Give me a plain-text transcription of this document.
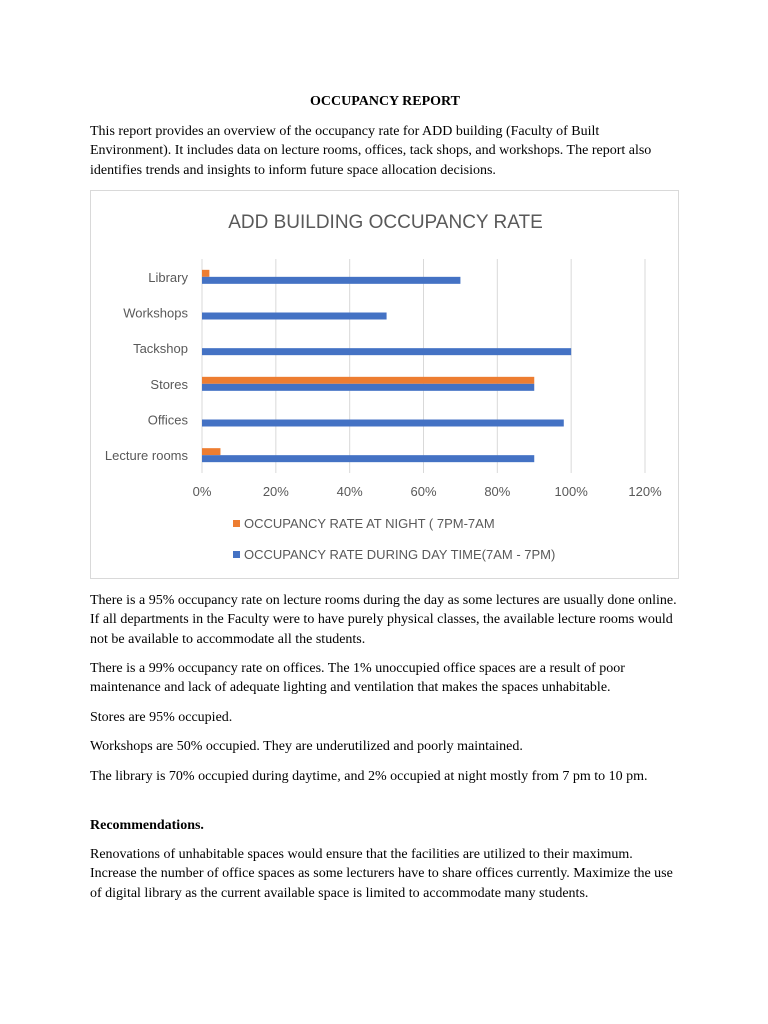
OCCUPANCY REPORT

This report provides an overview of the occupancy rate for ADD building (Faculty of Built Environment). It includes data on lecture rooms, offices, tack shops, and workshops. The report also identifies trends and insights to inform future space allocation decisions.

There is a 95% occupancy rate on lecture rooms during the day as some lectures are usually done online. If all departments in the Faculty were to have purely physical classes, the available lecture rooms would not be available to accommodate all the students.

There is a 99% occupancy rate on offices. The 1% unoccupied office spaces are a result of poor maintenance and lack of adequate lighting and ventilation that makes the spaces unhabitable.

Stores are 95% occupied.

Workshops are 50% occupied. They are underutilized and poorly maintained.

The library is 70% occupied during daytime, and 2% occupied at night mostly from 7 pm to 10 pm.

Recommendations.

Renovations of unhabitable spaces would ensure that the facilities are utilized to their maximum. Increase the number of office spaces as some lecturers have to share offices currently. Maximize the use of digital library as the current available space is limited to accommodate many students.

ADD BUILDING OCCUPANCY RATE
0%	20%	40%	60%	80%	100%	120%
Library
Workshops
Tackshop
Stores
Offices
Lecture rooms
OCCUPANCY RATE AT NIGHT ( 7PM-7AM
OCCUPANCY RATE DURING DAY TIME(7AM - 7PM)
